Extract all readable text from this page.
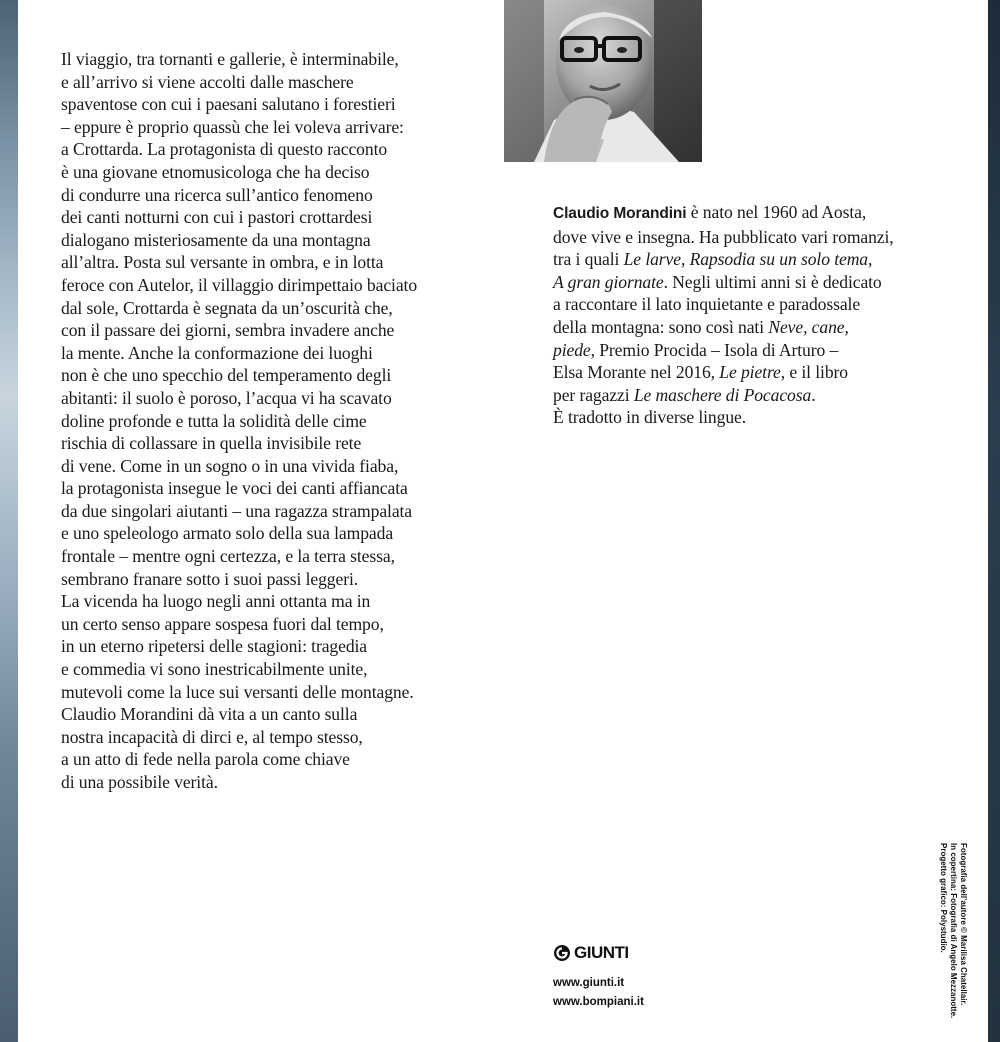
Il viaggio, tra tornanti e gallerie, è interminabile,
e all’arrivo si viene accolti dalle maschere
spaventose con cui i paesani salutano i forestieri
– eppure è proprio quassù che lei voleva arrivare:
a Crottarda. La protagonista di questo racconto
è una giovane etnomusicologa che ha deciso
di condurre una ricerca sull’antico fenomeno
dei canti notturni con cui i pastori crottardesi
dialogano misteriosamente da una montagna
all’altra. Posta sul versante in ombra, e in lotta
feroce con Autelor, il villaggio dirimpettaio baciato
dal sole, Crottarda è segnata da un’oscurità che,
con il passare dei giorni, sembra invadere anche
la mente. Anche la conformazione dei luoghi
non è che uno specchio del temperamento degli
abitanti: il suolo è poroso, l’acqua vi ha scavato
doline profonde e tutta la solidità delle cime
rischia di collassare in quella invisibile rete
di vene. Come in un sogno o in una vivida fiaba,
la protagonista insegue le voci dei canti affiancata
da due singolari aiutanti – una ragazza strampalata
e uno speleologo armato solo della sua lampada
frontale – mentre ogni certezza, e la terra stessa,
sembrano franare sotto i suoi passi leggeri.
La vicenda ha luogo negli anni ottanta ma in
un certo senso appare sospesa fuori dal tempo,
in un eterno ripetersi delle stagioni: tragedia
e commedia vi sono inestricabilmente unite,
mutevoli come la luce sui versanti delle montagne.
Claudio Morandini dà vita a un canto sulla
nostra incapacità di dirci e, al tempo stesso,
a un atto di fede nella parola come chiave
di una possibile verità.
Claudio Morandini è nato nel 1960 ad Aosta,
dove vive e insegna. Ha pubblicato vari romanzi,
tra i quali Le larve, Rapsodia su un solo tema,
A gran giornate. Negli ultimi anni si è dedicato
a raccontare il lato inquietante e paradossale
della montagna: sono così nati Neve, cane,
piede, Premio Procida – Isola di Arturo –
Elsa Morante nel 2016, Le pietre, e il libro
per ragazzi Le maschere di Pocacosa.
È tradotto in diverse lingue.
GIUNTI
www.giunti.it
www.bompiani.it	Fotografia dell’autore © Marilisa Chatellair.
In copertina: Fotografia di Angelo Mezzanotte.
Progetto grafico: Polystudio.
